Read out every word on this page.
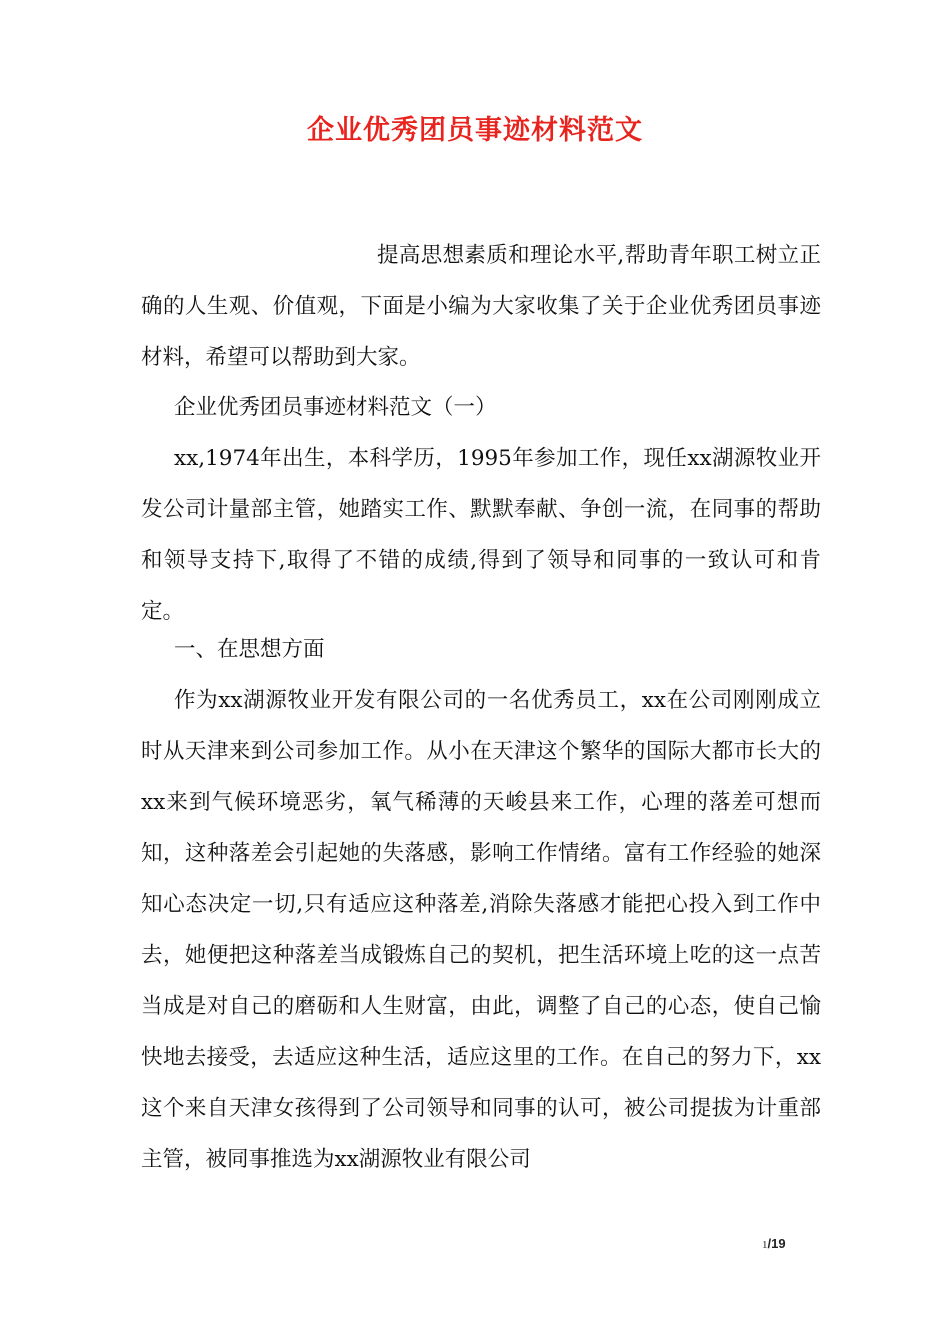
企业优秀团员事迹材料范文

提高思想素质和理论水平,帮助青年职工树立正确的人生观、价值观，下面是小编为大家收集了关于企业优秀团员事迹材料，希望可以帮助到大家。

企业优秀团员事迹材料范文（一）

xx,1974年出生，本科学历，1995年参加工作，现任xx湖源牧业开发公司计量部主管，她踏实工作、默默奉献、争创一流，在同事的帮助和领导支持下,取得了不错的成绩,得到了领导和同事的一致认可和肯定。

一、在思想方面

作为xx湖源牧业开发有限公司的一名优秀员工，xx在公司刚刚成立时从天津来到公司参加工作。从小在天津这个繁华的国际大都市长大的xx来到气候环境恶劣，氧气稀薄的天峻县来工作，心理的落差可想而知，这种落差会引起她的失落感，影响工作情绪。富有工作经验的她深知心态决定一切,只有适应这种落差,消除失落感才能把心投入到工作中去，她便把这种落差当成锻炼自己的契机，把生活环境上吃的这一点苦当成是对自己的磨砺和人生财富，由此，调整了自己的心态，使自己愉快地去接受，去适应这种生活，适应这里的工作。在自己的努力下，xx这个来自天津女孩得到了公司领导和同事的认可，被公司提拔为计重部主管，被同事推选为xx湖源牧业有限公司

1/19
